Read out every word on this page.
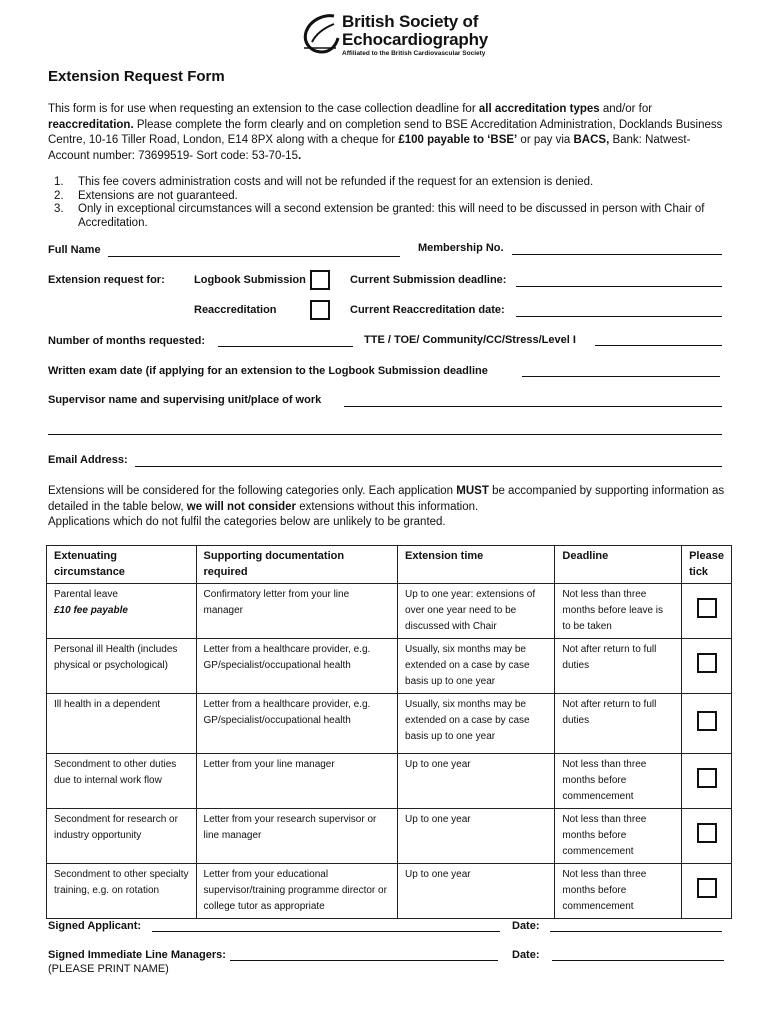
British Society of
Echocardiography
Affiliated to the British Cardiovascular Society
Extension Request Form
This form is for use when requesting an extension to the case collection deadline for all accreditation types and/or for reaccreditation. Please complete the form clearly and on completion send to BSE Accreditation Administration, Docklands Business Centre, 10-16 Tiller Road, London, E14 8PX along with a cheque for £100 payable to ‘BSE’ or pay via BACS, Bank: Natwest- Account number: 73699519- Sort code: 53-70-15.
1. This fee covers administration costs and will not be refunded if the request for an extension is denied.
2. Extensions are not guaranteed.
3. Only in exceptional circumstances will a second extension be granted: this will need to be discussed in person with Chair of Accreditation.
Full Name	Membership No.
Extension request for:	Logbook Submission	Current Submission deadline:
Reaccreditation	Current Reaccreditation date:
Number of months requested:	TTE / TOE/ Community/CC/Stress/Level I
Written exam date (if applying for an extension to the Logbook Submission deadline
Supervisor name and supervising unit/place of work
Email Address:
Extensions will be considered for the following categories only. Each application MUST be accompanied by supporting information as detailed in the table below, we will not consider extensions without this information.
Applications which do not fulfil the categories below are unlikely to be granted.
Extenuating circumstance	Supporting documentation required	Extension time	Deadline	Please tick

Parental leave
£10 fee payable	Confirmatory letter from your line manager	Up to one year: extensions of over one year need to be discussed with Chair	Not less than three months before leave is to be taken	
Personal ill Health (includes physical or psychological)	Letter from a healthcare provider, e.g. GP/specialist/occupational health	Usually, six months may be extended on a case by case basis up to one year	Not after return to full duties	
Ill health in a dependent	Letter from a healthcare provider, e.g. GP/specialist/occupational health	Usually, six months may be extended on a case by case basis up to one year	Not after return to full duties	
Secondment to other duties due to internal work flow	Letter from your line manager	Up to one year	Not less than three months before commencement	
Secondment for research or industry opportunity	Letter from your research supervisor or line manager	Up to one year	Not less than three months before commencement	
Secondment to other specialty training, e.g. on rotation	Letter from your educational supervisor/training programme director or college tutor as appropriate	Up to one year	Not less than three months before commencement	
Signed Applicant:	Date:
Signed Immediate Line Managers:	Date:
(PLEASE PRINT NAME)
